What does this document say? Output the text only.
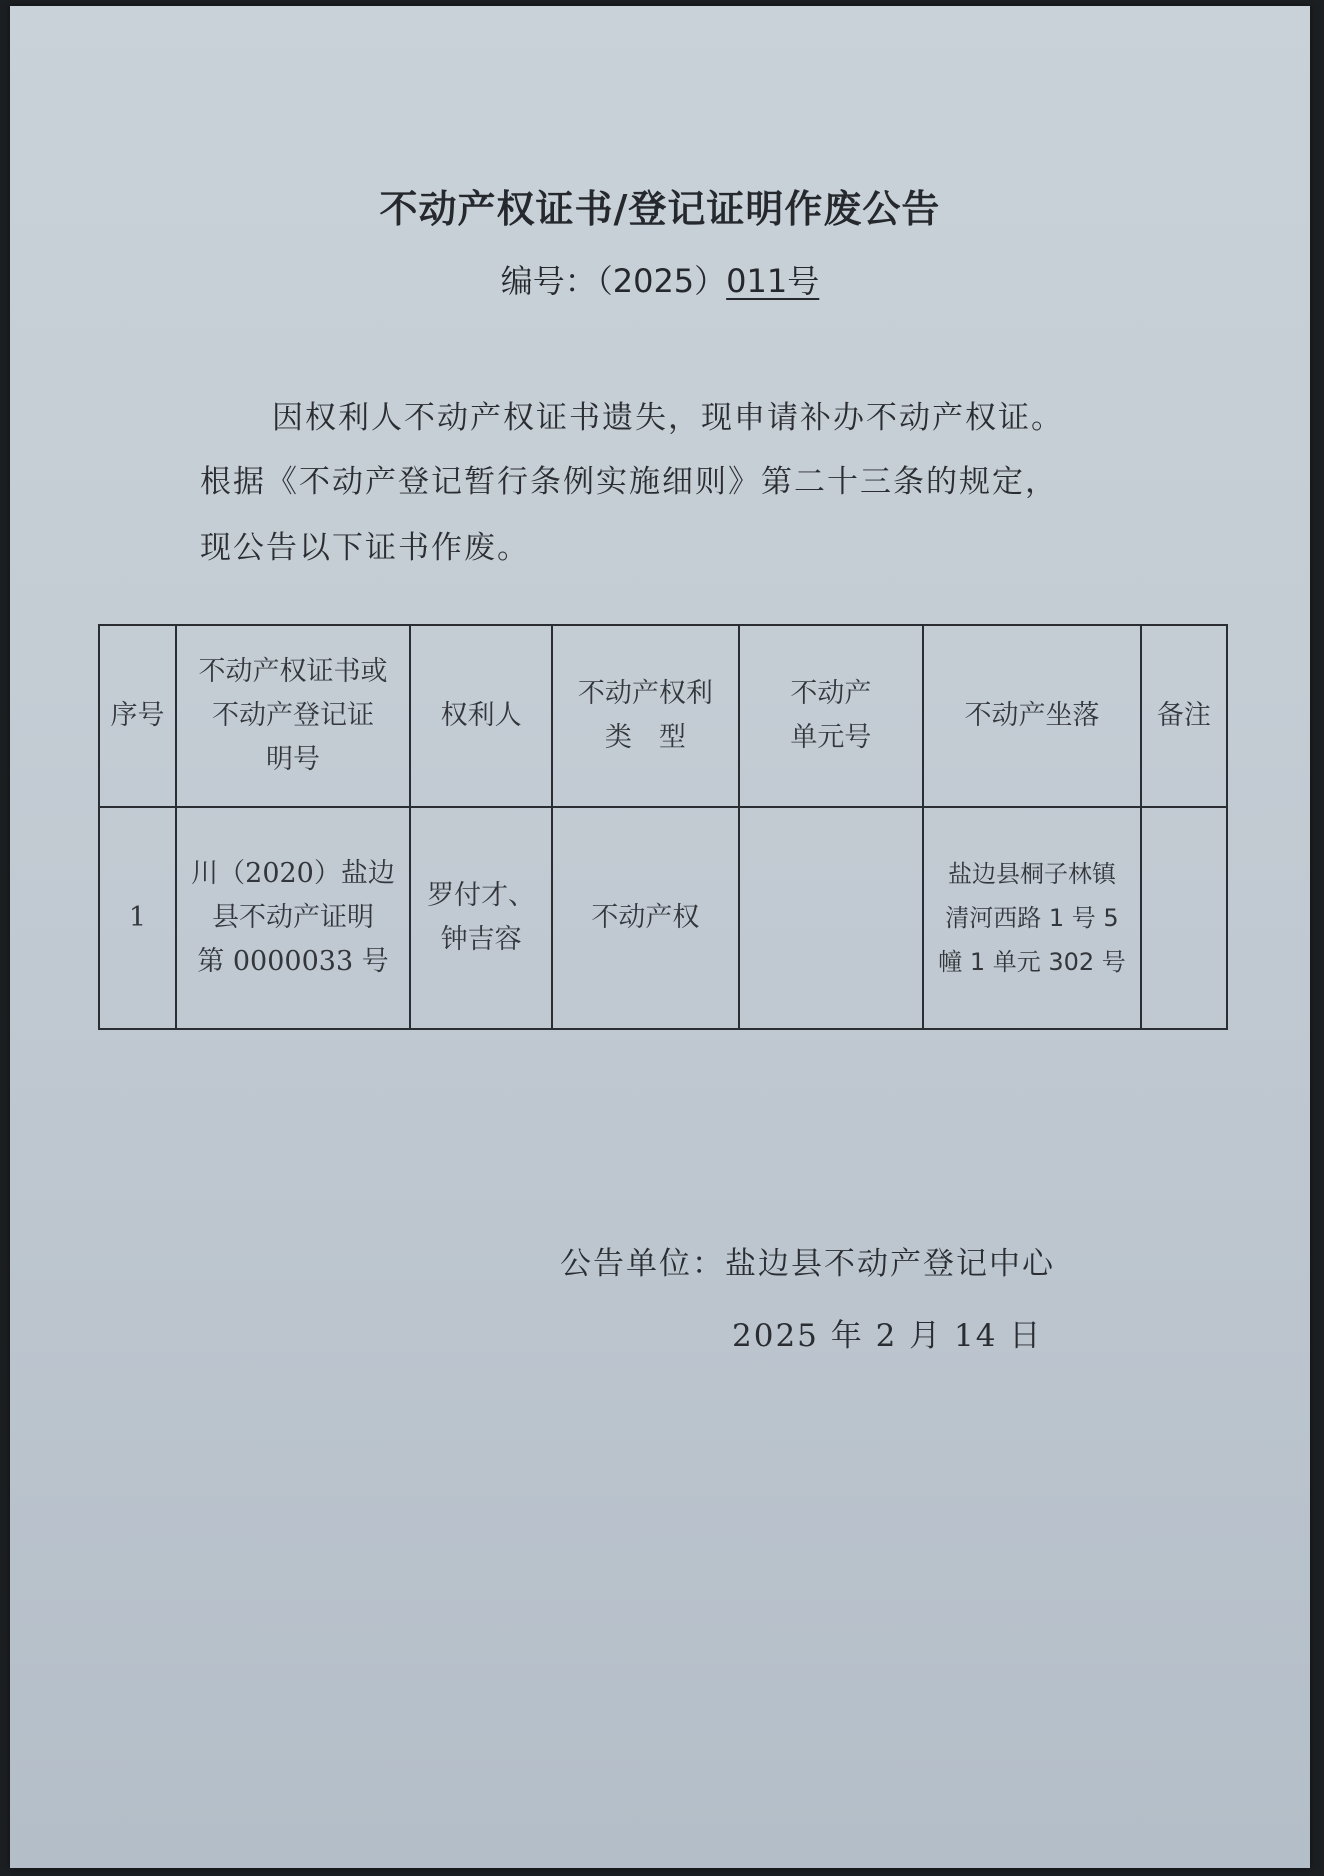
不动产权证书/登记证明作废公告
编号：（2025）011号
因权利人不动产权证书遗失，现申请补办不动产权证。
根据《不动产登记暂行条例实施细则》第二十三条的规定，
现公告以下证书作废。
序号	不动产权证书或
不动产登记证
明号	权利人	不动产权利
类　型	不动产
单元号	不动产坐落	备注
1	川（2020）盐边
县不动产证明
第 0000033 号	罗付才、
钟吉容	不动产权		盐边县桐子林镇
清河西路 1 号 5
幢 1 单元 302 号	

公告单位：盐边县不动产登记中心
2025 年 2 月 14 日
